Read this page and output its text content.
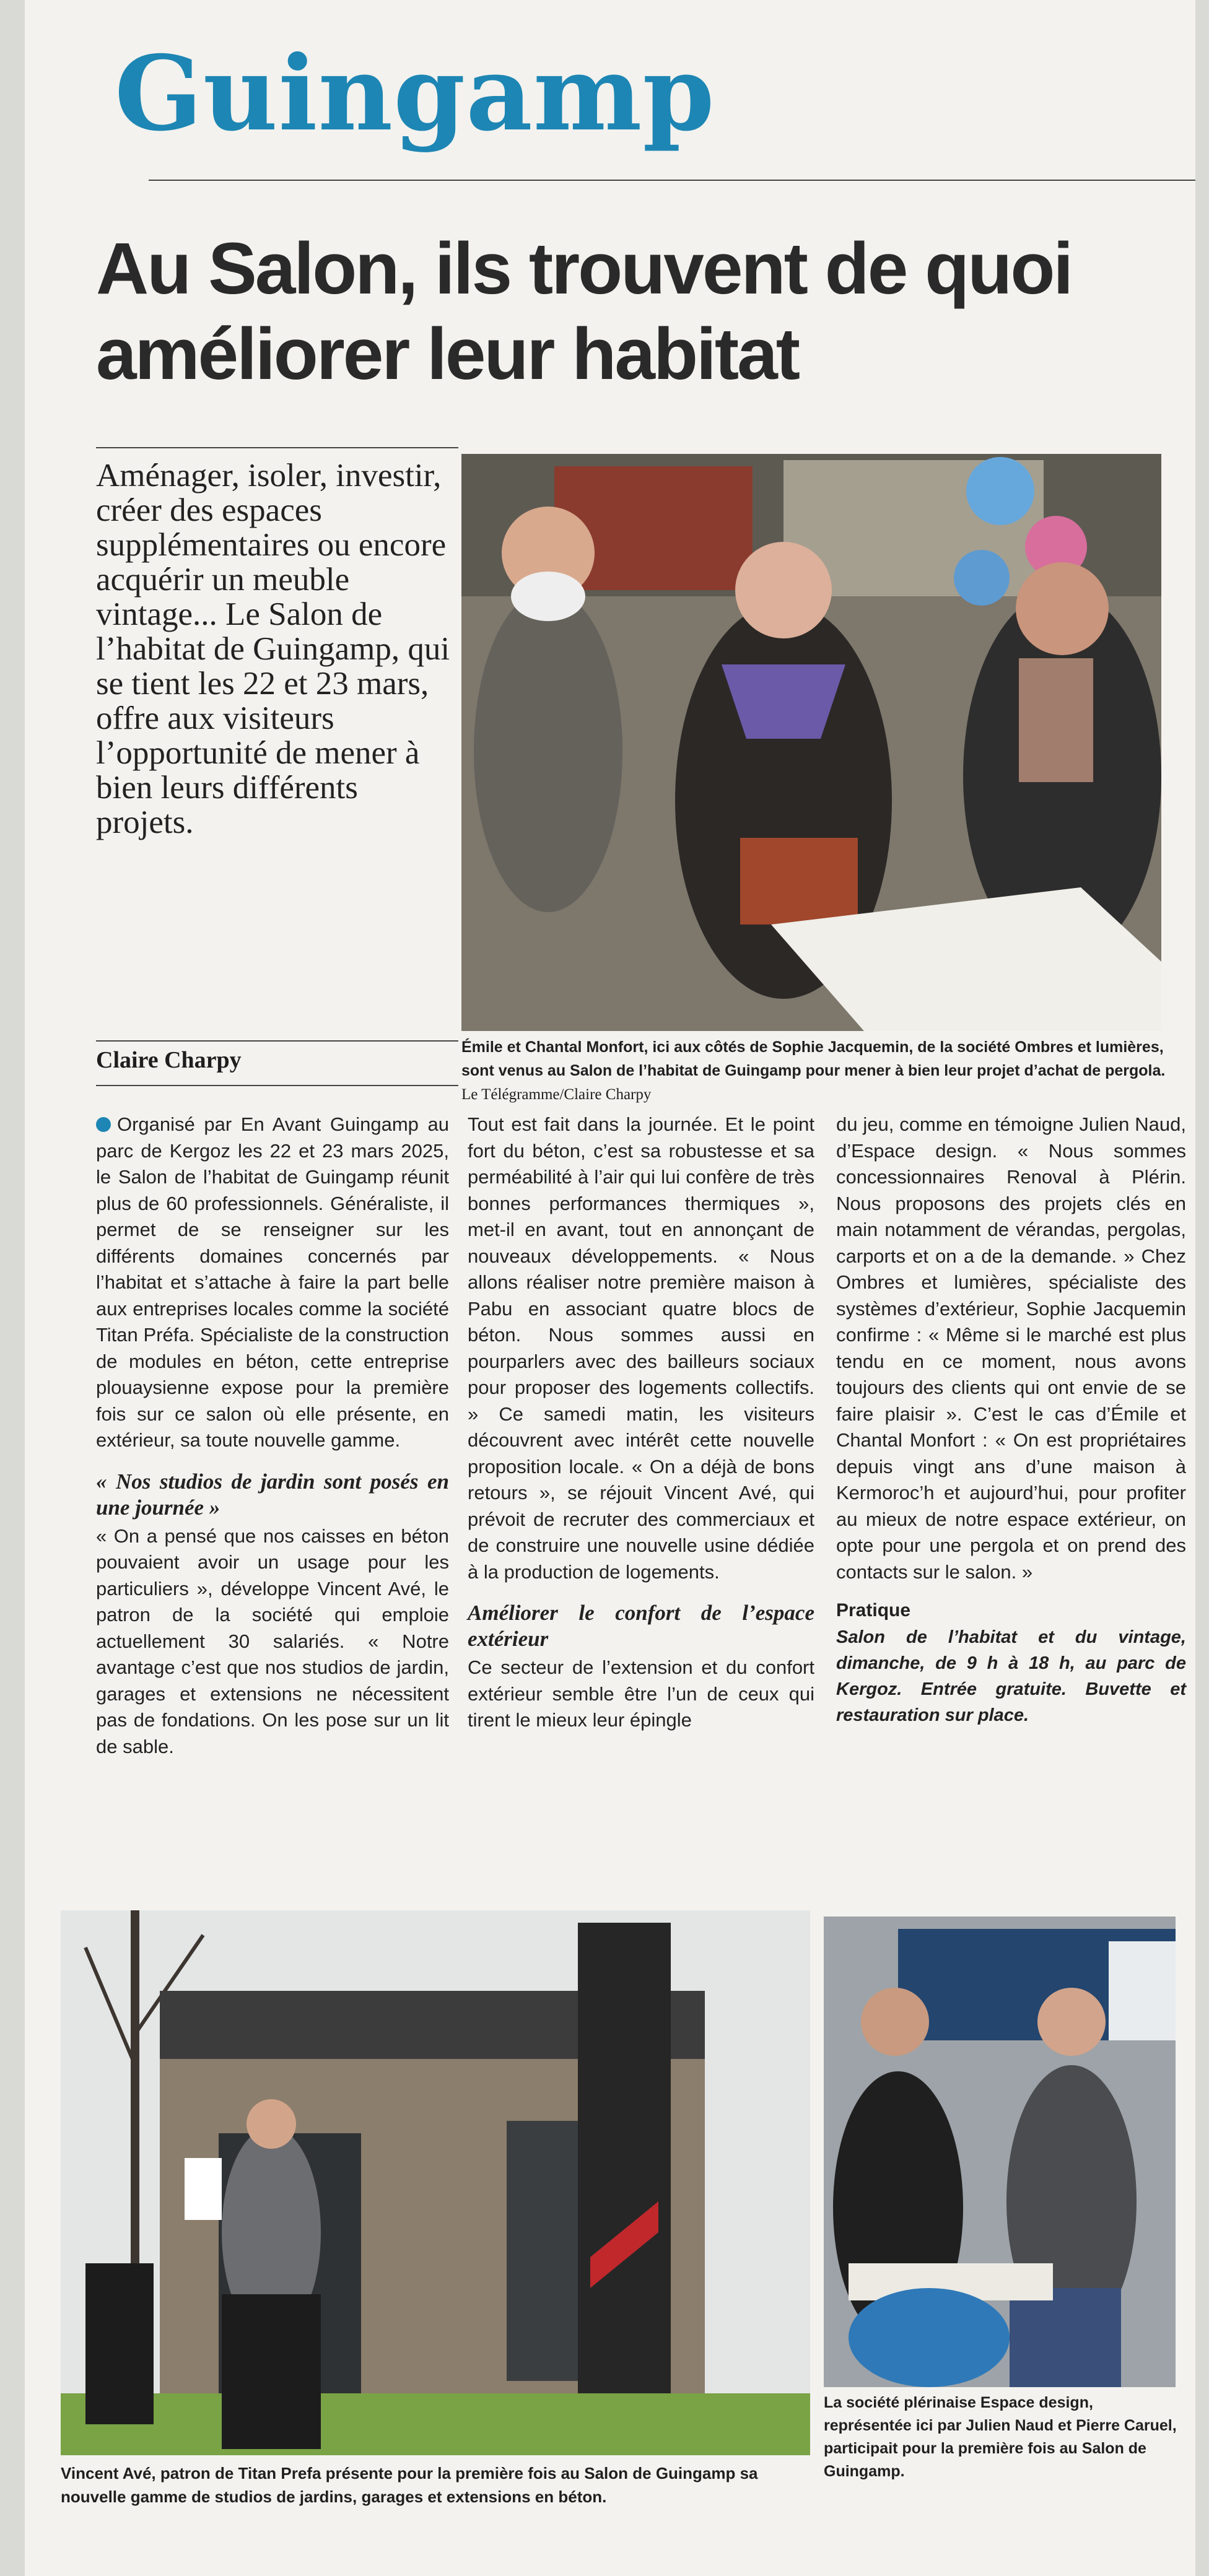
Guingamp
Au Salon, ils trouvent de quoi améliorer leur habitat
Aménager, isoler, investir, créer des espaces supplémentaires ou encore acquérir un meuble vintage... Le Salon de l’habitat de Guingamp, qui se tient les 22 et 23 mars, offre aux visiteurs l’opportunité de mener à bien leurs différents projets.
Claire Charpy	Émile et Chantal Monfort, ici aux côtés de Sophie Jacquemin, de la société Ombres et lumières, sont venus au Salon de l’habitat de Guingamp pour mener à bien leur projet d’achat de pergola. Le Télégramme/Claire Charpy

Organisé par En Avant Guingamp au parc de Kergoz les 22 et 23 mars 2025, le Salon de l’habitat de Guingamp réunit plus de 60 professionnels. Généraliste, il permet de se renseigner sur les différents domaines concernés par l’habitat et s’attache à faire la part belle aux entreprises locales comme la société Titan Préfa. Spécialiste de la construction de modules en béton, cette entreprise plouaysienne expose pour la première fois sur ce salon où elle présente, en extérieur, sa toute nouvelle gamme.

« Nos studios de jardin sont posés en une journée »

« On a pensé que nos caisses en béton pouvaient avoir un usage pour les particuliers », développe Vincent Avé, le patron de la société qui emploie actuellement 30 salariés. « Notre avantage c’est que nos studios de jardin, garages et extensions ne nécessitent pas de fondations. On les pose sur un lit de sable.

Tout est fait dans la journée. Et le point fort du béton, c’est sa robustesse et sa perméabilité à l’air qui lui confère de très bonnes performances thermiques », met-il en avant, tout en annonçant de nouveaux développements. « Nous allons réaliser notre première maison à Pabu en associant quatre blocs de béton. Nous sommes aussi en pourparlers avec des bailleurs sociaux pour proposer des logements collectifs. » Ce samedi matin, les visiteurs découvrent avec intérêt cette nouvelle proposition locale. « On a déjà de bons retours », se réjouit Vincent Avé, qui prévoit de recruter des commerciaux et de construire une nouvelle usine dédiée à la production de logements.

Améliorer le confort de l’espace extérieur

Ce secteur de l’extension et du confort extérieur semble être l’un de ceux qui tirent le mieux leur épingle

du jeu, comme en témoigne Julien Naud, d’Espace design. « Nous sommes concessionnaires Renoval à Plérin. Nous proposons des projets clés en main notamment de vérandas, pergolas, carports et on a de la demande. » Chez Ombres et lumières, spécialiste des systèmes d’extérieur, Sophie Jacquemin confirme : « Même si le marché est plus tendu en ce moment, nous avons toujours des clients qui ont envie de se faire plaisir ». C’est le cas d’Émile et Chantal Monfort : « On est propriétaires depuis vingt ans d’une maison à Kermoroc’h et aujourd’hui, pour profiter au mieux de notre espace extérieur, on opte pour une pergola et on prend des contacts sur le salon. »

Pratique

Salon de l’habitat et du vintage, dimanche, de 9 h à 18 h, au parc de Kergoz. Entrée gratuite. Buvette et restauration sur place.

Vincent Avé, patron de Titan Prefa présente pour la première fois au Salon de Guingamp sa nouvelle gamme de studios de jardins, garages et extensions en béton.
La société plérinaise Espace design, représentée ici par Julien Naud et Pierre Caruel, participait pour la première fois au Salon de Guingamp.
